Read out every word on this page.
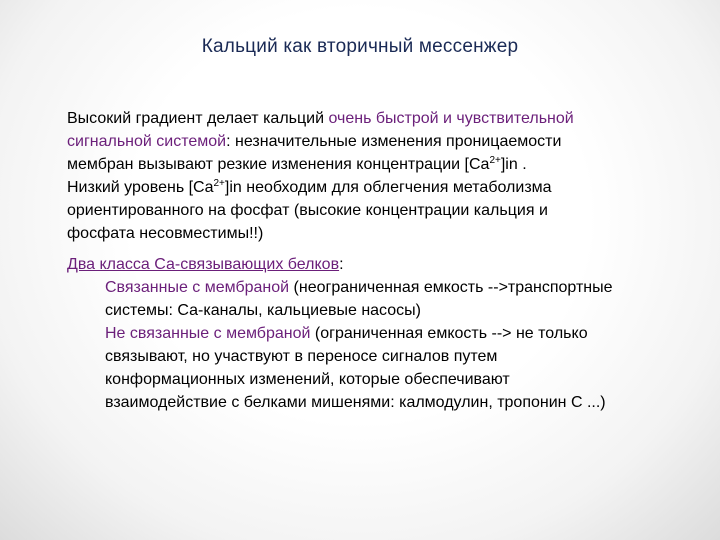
Кальций как вторичный мессенжер
Высокий градиент делает кальций очень быстрой и чувствительной
сигнальной системой: незначительные изменения проницаемости
мембран вызывают резкие изменения концентрации $[Ca^{2+}]in$ .
Низкий уровень $[Ca^{2+}]in$ необходим для облегчения метаболизма
ориентированного на фосфат (высокие концентрации кальция и
фосфата несовместимы!!)
Два класса Са-связывающих белков:
Связанные с мембраной (неограниченная емкость -->транспортные
системы: Са-каналы, кальциевые насосы)
Не связанные с мембраной (ограниченная емкость --> не только
связывают, но участвуют в переносе сигналов путем
конформационных изменений, которые обеспечивают
взаимодействие с белками мишенями: калмодулин, тропонин С ...)
